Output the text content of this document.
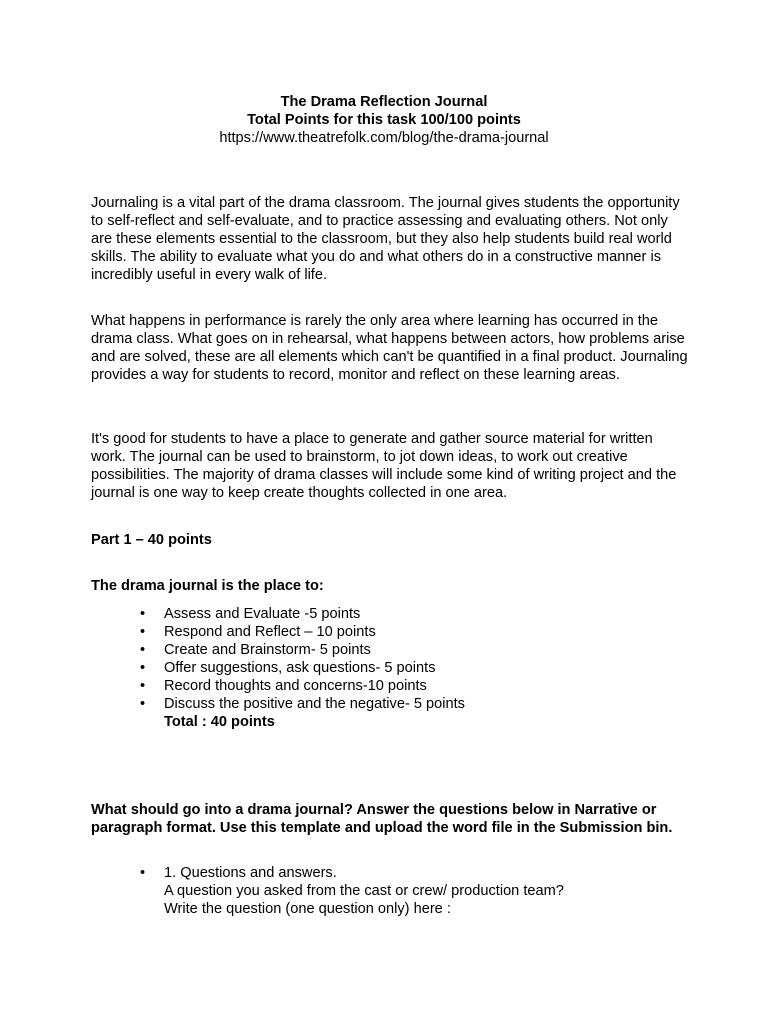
The Drama Reflection Journal
Total Points for this task 100/100 points
https://www.theatrefolk.com/blog/the-drama-journal

Journaling is a vital part of the drama classroom. The journal gives students the opportunity to self-reflect and self-evaluate, and to practice assessing and evaluating others. Not only are these elements essential to the classroom, but they also help students build real world skills. The ability to evaluate what you do and what others do in a constructive manner is incredibly useful in every walk of life.

What happens in performance is rarely the only area where learning has occurred in the drama class. What goes on in rehearsal, what happens between actors, how problems arise and are solved, these are all elements which can't be quantified in a final product. Journaling provides a way for students to record, monitor and reflect on these learning areas.

It's good for students to have a place to generate and gather source material for written work. The journal can be used to brainstorm, to jot down ideas, to work out creative possibilities. The majority of drama classes will include some kind of writing project and the journal is one way to keep create thoughts collected in one area.

Part 1 – 40 points
The drama journal is the place to:
• Assess and Evaluate -5 points
• Respond and Reflect – 10 points
• Create and Brainstorm- 5 points
• Offer suggestions, ask questions- 5 points
• Record thoughts and concerns-10 points
• Discuss the positive and the negative- 5 points
Total : 40 points
What should go into a drama journal? Answer the questions below in Narrative or paragraph format. Use this template and upload the word file in the Submission bin.
• 1. Questions and answers.
A question you asked from the cast or crew/ production team?
Write the question (one question only) here :
